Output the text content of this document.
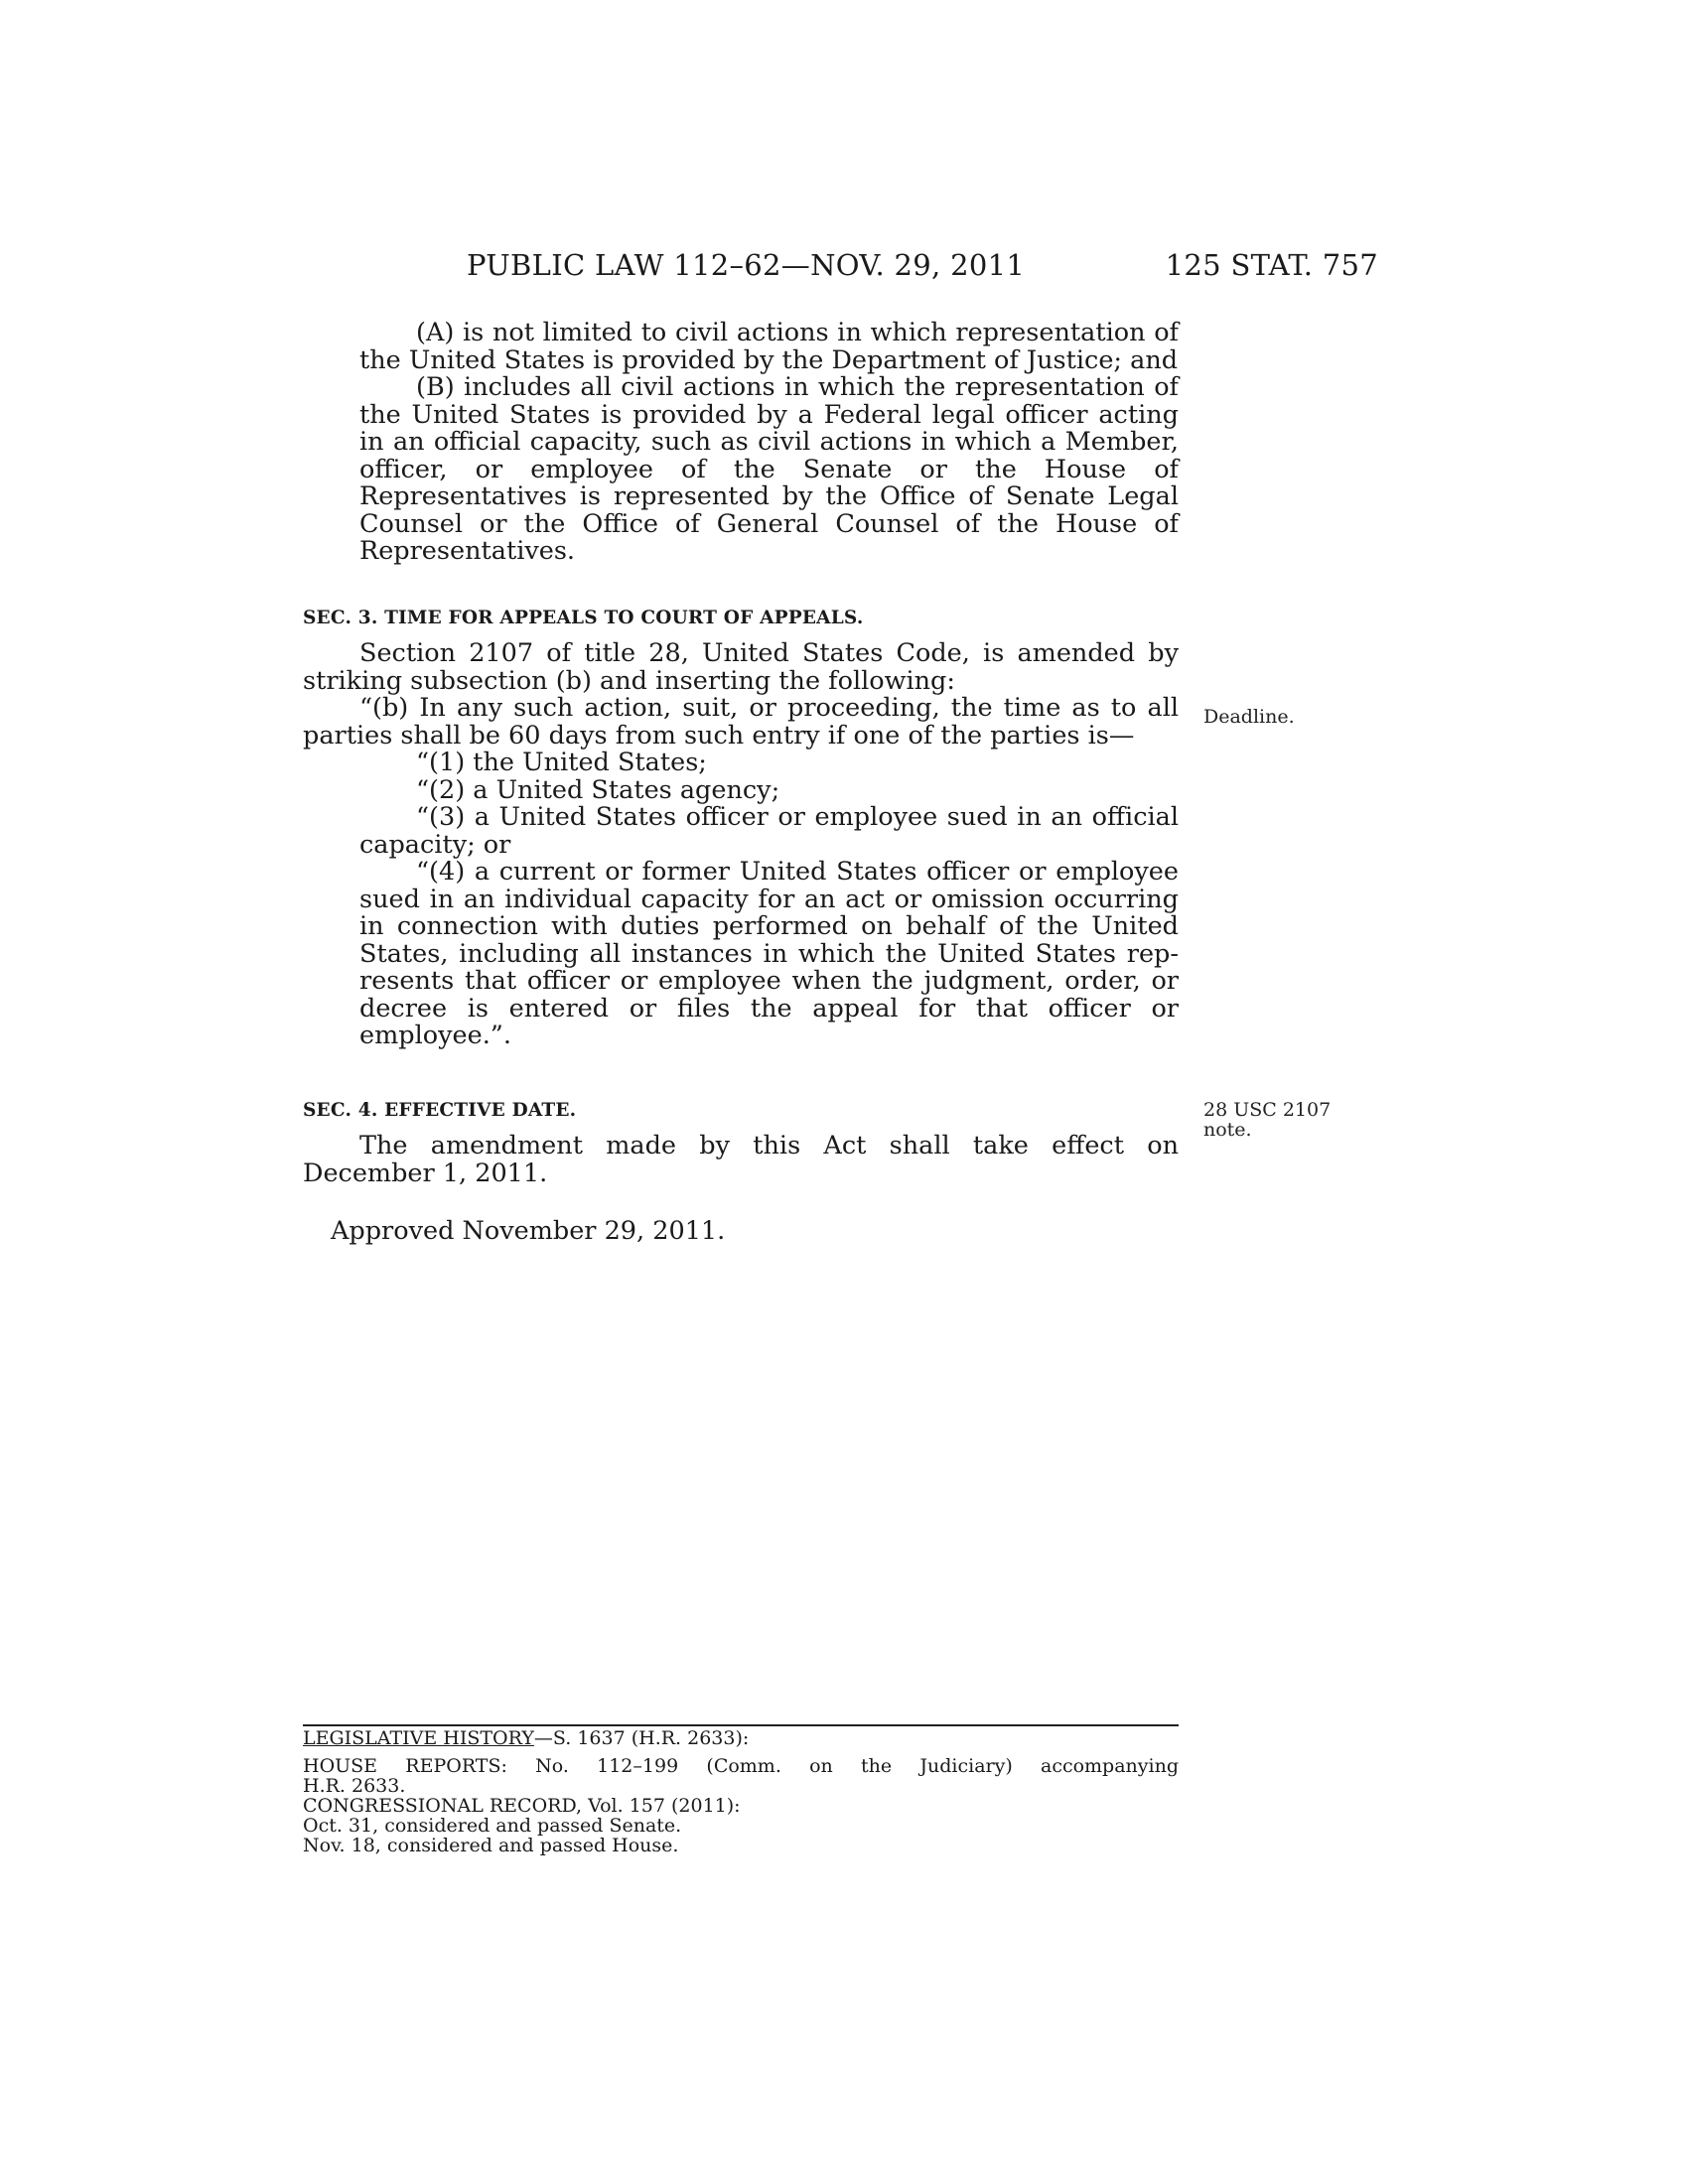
PUBLIC LAW 112–62—NOV. 29, 2011	125 STAT. 757

(A) is not limited to civil actions in which representation of the United States is provided by the Department of Justice; and

(B) includes all civil actions in which the representation of the United States is provided by a Federal legal officer acting in an official capacity, such as civil actions in which a Member, officer, or employee of the Senate or the House of Representatives is represented by the Office of Senate Legal Counsel or the Office of General Counsel of the House of Representatives.

SEC. 3. TIME FOR APPEALS TO COURT OF APPEALS.

Section 2107 of title 28, United States Code, is amended by striking subsection (b) and inserting the following:

“(b) In any such action, suit, or proceeding, the time as to all parties shall be 60 days from such entry if one of the parties is—

“(1) the United States;

“(2) a United States agency;

“(3) a United States officer or employee sued in an official capacity; or

“(4) a current or former United States officer or employee sued in an individual capacity for an act or omission occurring in connection with duties performed on behalf of the United States, including all instances in which the United States represents that officer or employee when the judgment, order, or decree is entered or files the appeal for that officer or employee.”.

Deadline.

SEC. 4. EFFECTIVE DATE.

The amendment made by this Act shall take effect on December 1, 2011.

28 USC 2107
note.
Approved November 29, 2011.

LEGISLATIVE HISTORY—S. 1637 (H.R. 2633):

HOUSE REPORTS: No. 112–199 (Comm. on the Judiciary) accompanying

H.R. 2633.

CONGRESSIONAL RECORD, Vol. 157 (2011):

Oct. 31, considered and passed Senate.

Nov. 18, considered and passed House.
